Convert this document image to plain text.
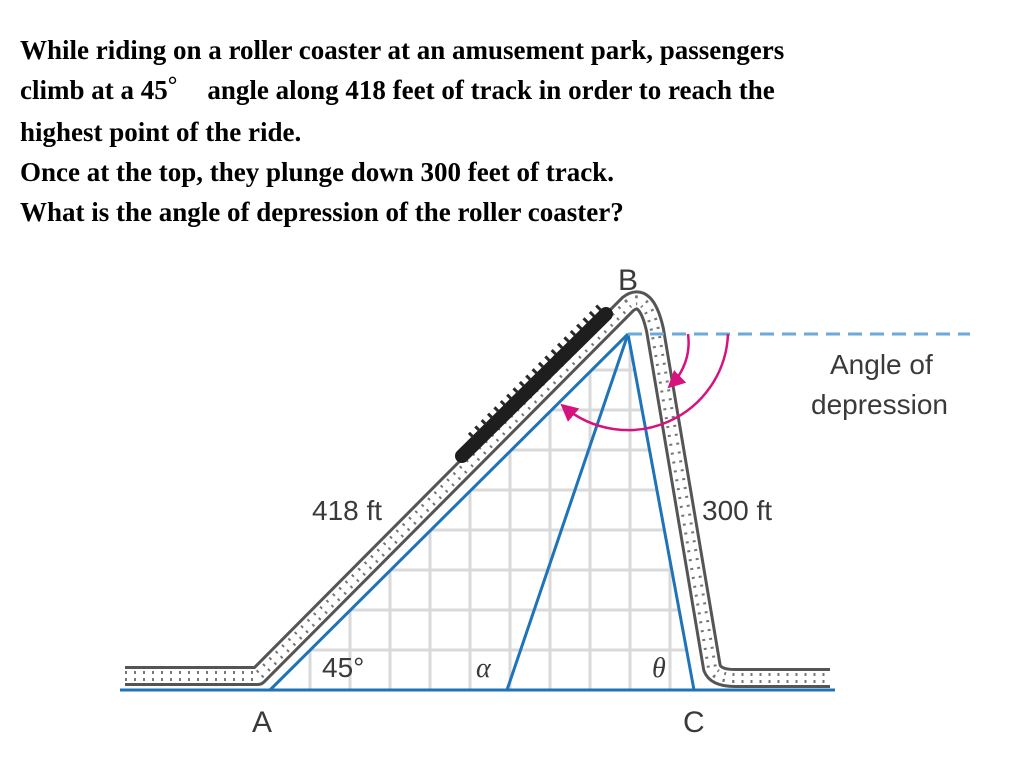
While riding on a roller coaster at an amusement park, passengers
climb at a 45° angle along 418 feet of track in order to reach the
highest point of the ride.
Once at the top, they plunge down 300 feet of track.
What is the angle of depression of the roller coaster?
B
A	C
418 ft	300 ft
45°	α	θ
Angle of
depression
